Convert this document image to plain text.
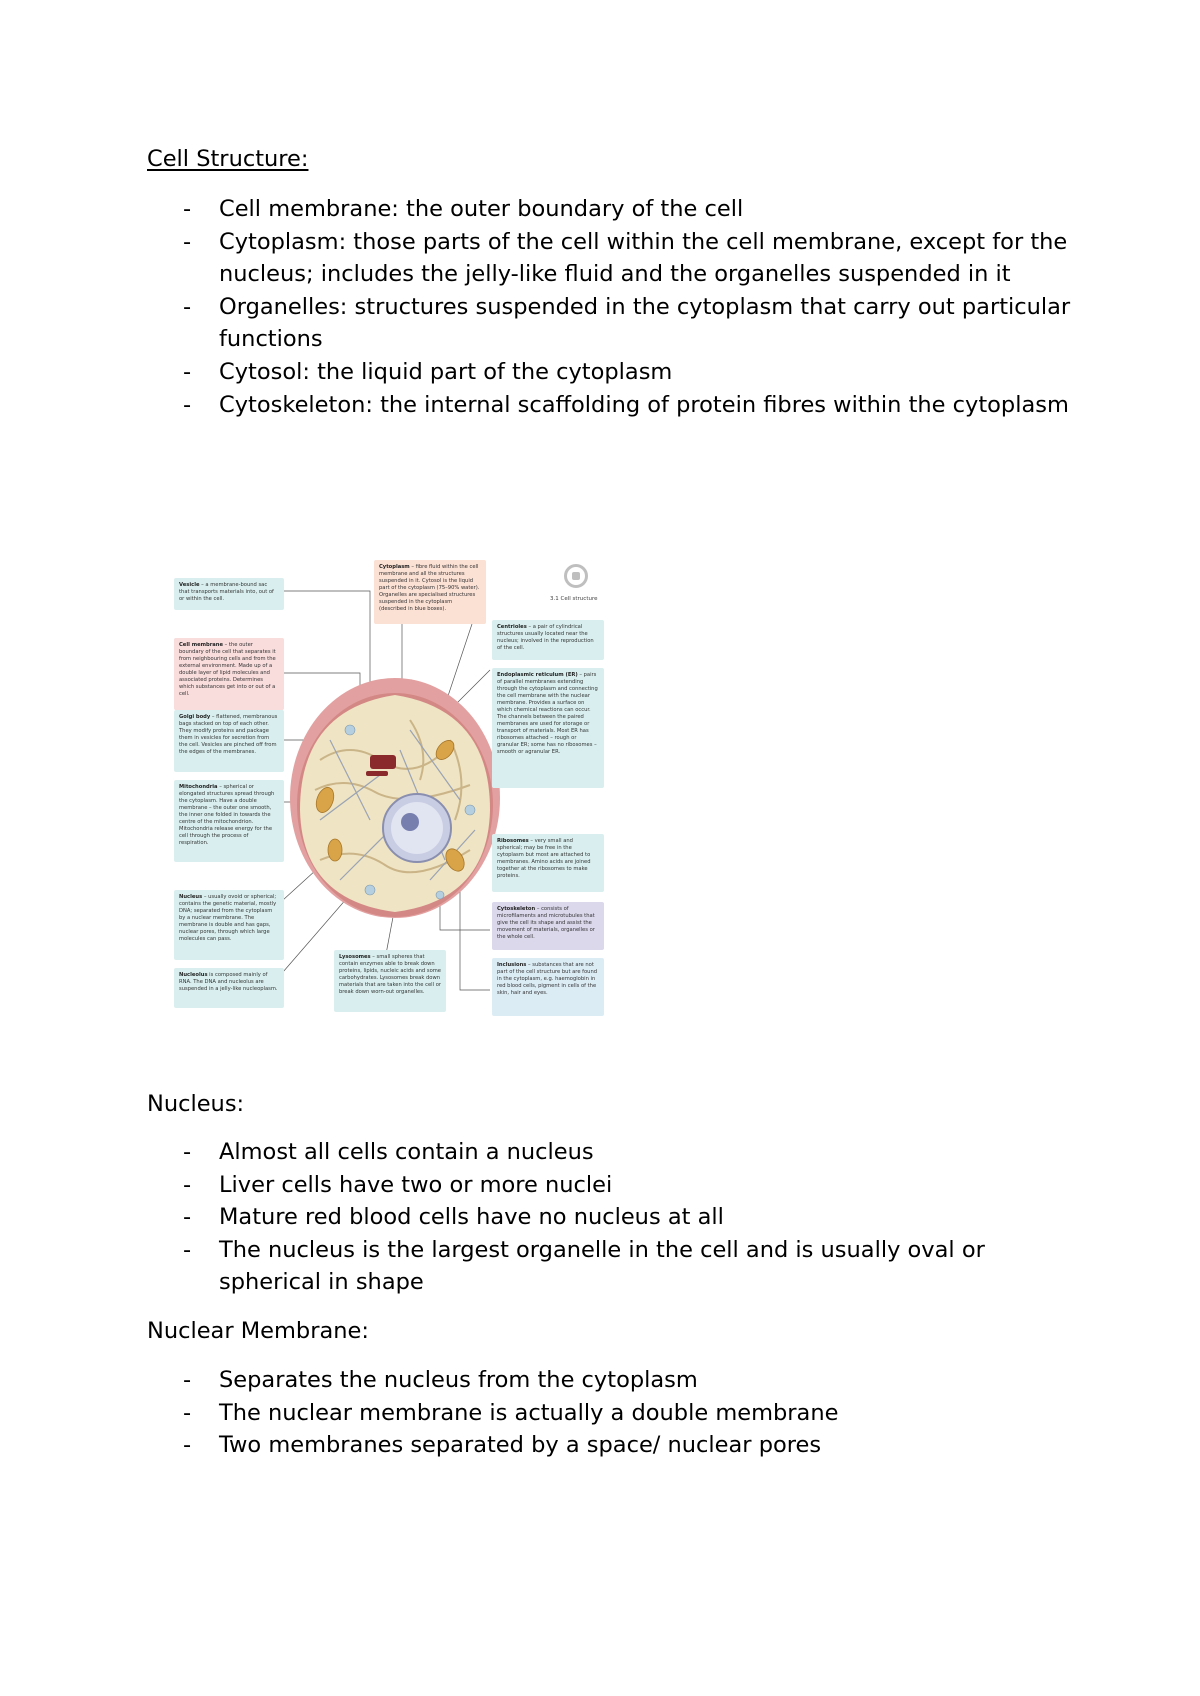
Cell Structure:
- Cell membrane: the outer boundary of the cell
- Cytoplasm: those parts of the cell within the cell membrane, except for the nucleus; includes the jelly-like fluid and the organelles suspended in it
- Organelles: structures suspended in the cytoplasm that carry out particular functions
- Cytosol: the liquid part of the cytoplasm
- Cytoskeleton: the internal scaffolding of protein fibres within the cytoplasm
3.1 Cell structure
Vesicle – a membrane-bound sac that transports materials into, out of or within the cell.
Cytoplasm – fibre fluid within the cell membrane and all the structures suspended in it. Cytosol is the liquid part of the cytoplasm (75–90% water). Organelles are specialised structures suspended in the cytoplasm (described in blue boxes).
Cell membrane – the outer boundary of the cell that separates it from neighbouring cells and from the external environment. Made up of a double layer of lipid molecules and associated proteins. Determines which substances get into or out of a cell.
Centrioles – a pair of cylindrical structures usually located near the nucleus; involved in the reproduction of the cell.
Endoplasmic reticulum (ER) – pairs of parallel membranes extending through the cytoplasm and connecting the cell membrane with the nuclear membrane. Provides a surface on which chemical reactions can occur. The channels between the paired membranes are used for storage or transport of materials. Most ER has ribosomes attached – rough or granular ER; some has no ribosomes – smooth or agranular ER.
Golgi body – flattened, membranous bags stacked on top of each other. They modify proteins and package them in vesicles for secretion from the cell. Vesicles are pinched off from the edges of the membranes.
Mitochondria – spherical or elongated structures spread through the cytoplasm. Have a double membrane – the outer one smooth, the inner one folded in towards the centre of the mitochondrion. Mitochondria release energy for the cell through the process of respiration.	Ribosomes – very small and spherical; may be free in the cytoplasm but most are attached to membranes. Amino acids are joined together at the ribosomes to make proteins.
Nucleus – usually ovoid or spherical; contains the genetic material, mostly DNA; separated from the cytoplasm by a nuclear membrane. The membrane is double and has gaps, nuclear pores, through which large molecules can pass.
Cytoskeleton – consists of microfilaments and microtubules that give the cell its shape and assist the movement of materials, organelles or the whole cell.
Lysosomes – small spheres that contain enzymes able to break down proteins, lipids, nucleic acids and some carbohydrates. Lysosomes break down materials that are taken into the cell or break down worn-out organelles.
Nucleolus is composed mainly of RNA. The DNA and nucleolus are suspended in a jelly-like nucleoplasm.
Inclusions – substances that are not part of the cell structure but are found in the cytoplasm, e.g. haemoglobin in red blood cells, pigment in cells of the skin, hair and eyes.
Nucleus:
- Almost all cells contain a nucleus
- Liver cells have two or more nuclei
- Mature red blood cells have no nucleus at all
- The nucleus is the largest organelle in the cell and is usually oval or spherical in shape
Nuclear Membrane:
- Separates the nucleus from the cytoplasm
- The nuclear membrane is actually a double membrane
- Two membranes separated by a space/ nuclear pores
